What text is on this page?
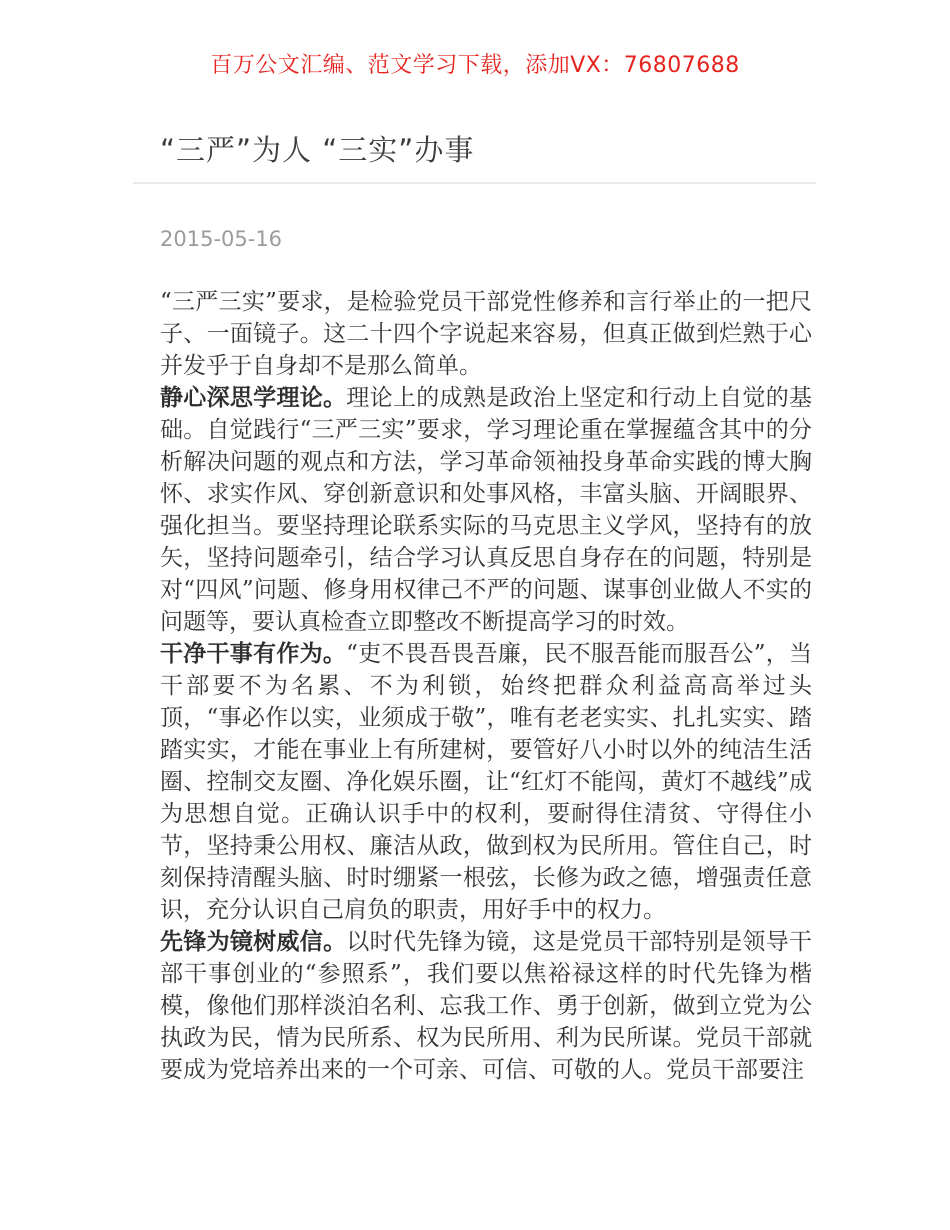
百万公文汇编、范文学习下载，添加VX：76807688
“三严”为人 “三实”办事
2015-05-16

“三严三实”要求，是检验党员干部党性修养和言行举止的一把尺子、一面镜子。这二十四个字说起来容易，但真正做到烂熟于心并发乎于自身却不是那么简单。

静心深思学理论。理论上的成熟是政治上坚定和行动上自觉的基础。自觉践行“三严三实”要求，学习理论重在掌握蕴含其中的分析解决问题的观点和方法，学习革命领袖投身革命实践的博大胸怀、求实作风、穿创新意识和处事风格，丰富头脑、开阔眼界、强化担当。要坚持理论联系实际的马克思主义学风，坚持有的放矢，坚持问题牵引，结合学习认真反思自身存在的问题，特别是对“四风”问题、修身用权律己不严的问题、谋事创业做人不实的问题等，要认真检查立即整改不断提高学习的时效。

干净干事有作为。“吏不畏吾畏吾廉，民不服吾能而服吾公”，当干部要不为名累、不为利锁，始终把群众利益高高举过头顶，“事必作以实，业须成于敬”，唯有老老实实、扎扎实实、踏踏实实，才能在事业上有所建树，要管好八小时以外的纯洁生活圈、控制交友圈、净化娱乐圈，让“红灯不能闯，黄灯不越线”成为思想自觉。正确认识手中的权利，要耐得住清贫、守得住小节，坚持秉公用权、廉洁从政，做到权为民所用。管住自己，时刻保持清醒头脑、时时绷紧一根弦，长修为政之德，增强责任意识，充分认识自己肩负的职责，用好手中的权力。

先锋为镜树威信。以时代先锋为镜，这是党员干部特别是领导干部干事创业的“参照系”，我们要以焦裕禄这样的时代先锋为楷模，像他们那样淡泊名利、忘我工作、勇于创新，做到立党为公执政为民，情为民所系、权为民所用、利为民所谋。党员干部就要成为党培养出来的一个可亲、可信、可敬的人。党员干部要注
